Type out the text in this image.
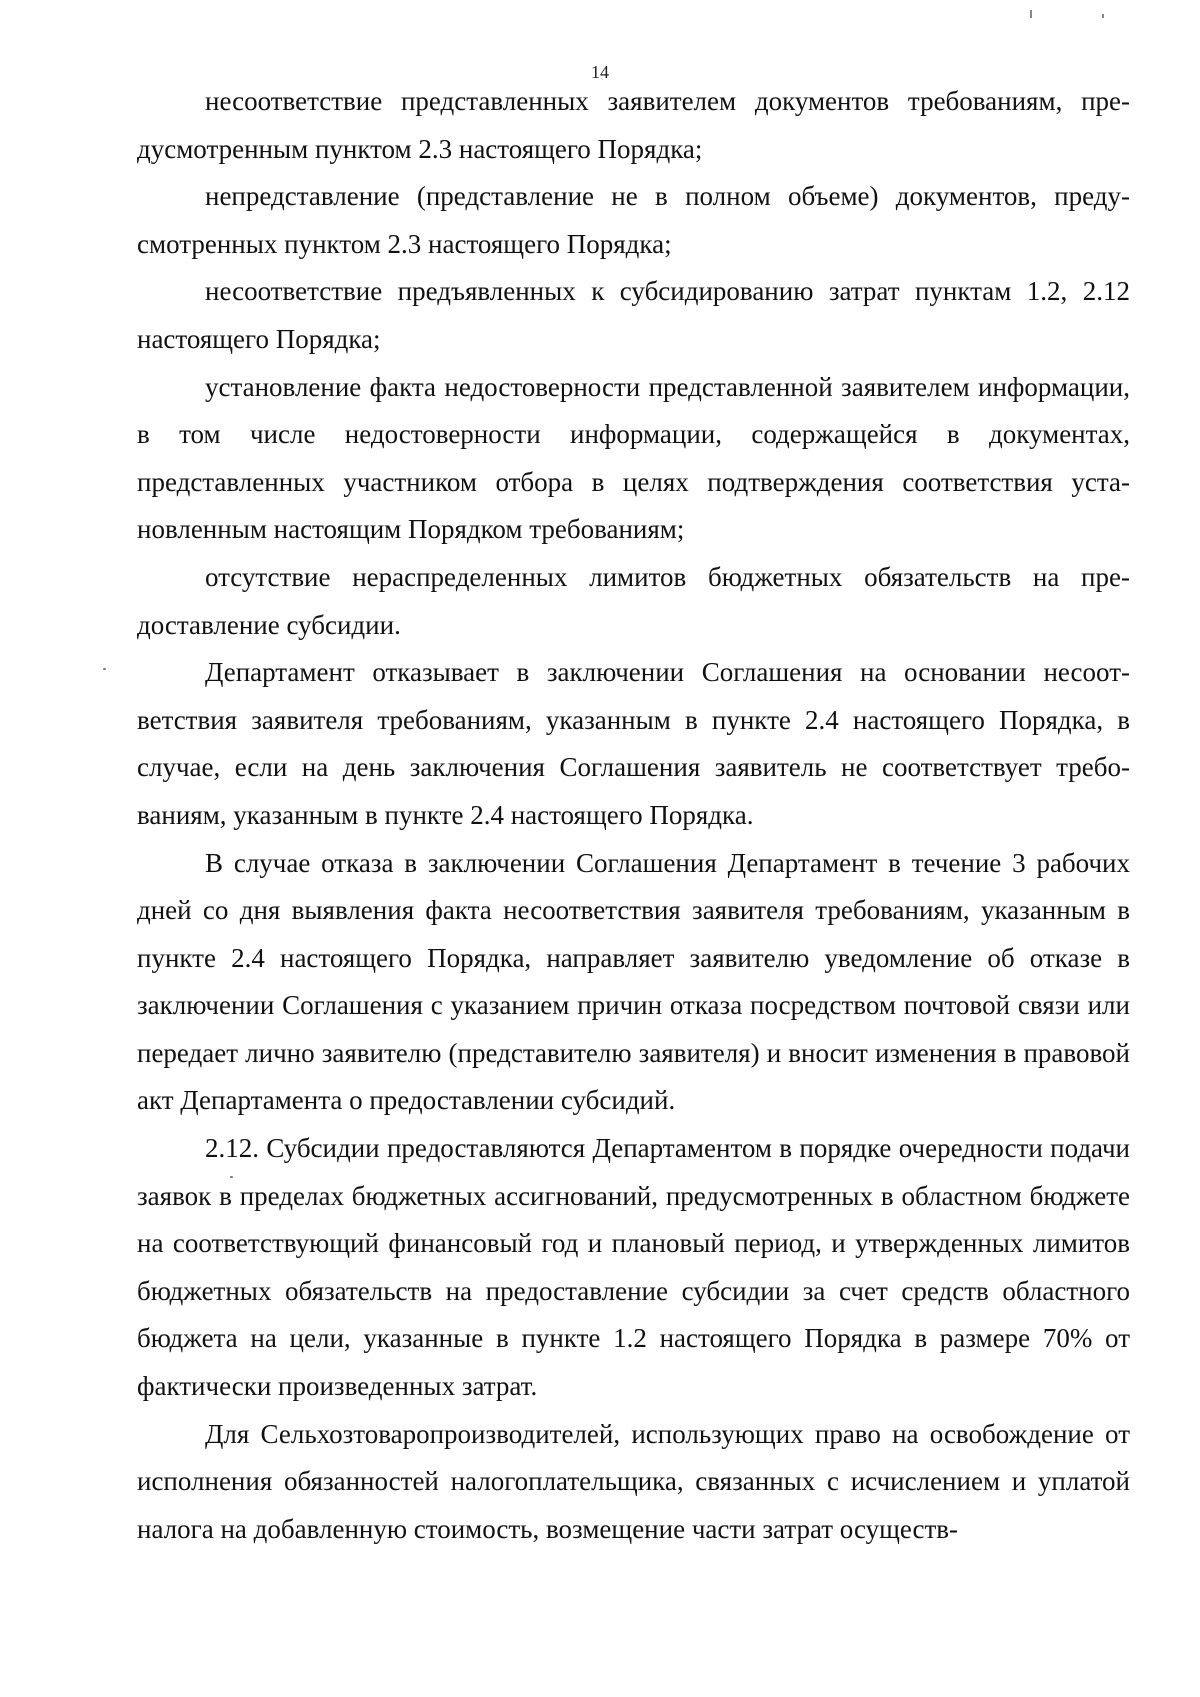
14

несоответствие представленных заявителем документов требованиям, предусмотренным пунктом 2.3 настоящего Порядка;

непредставление (представление не в полном объеме) документов, предусмотренных пунктом 2.3 настоящего Порядка;

несоответствие предъявленных к субсидированию затрат пунктам 1.2, 2.12 настоящего Порядка;

установление факта недостоверности представленной заявителем информации, в том числе недостоверности информации, содержащейся в документах, представленных участником отбора в целях подтверждения соответствия установленным настоящим Порядком требованиям;

отсутствие нераспределенных лимитов бюджетных обязательств на предоставление субсидии.

Департамент отказывает в заключении Соглашения на основании несоответствия заявителя требованиям, указанным в пункте 2.4 настоящего Порядка, в случае, если на день заключения Соглашения заявитель не соответствует требованиям, указанным в пункте 2.4 настоящего Порядка.

В случае отказа в заключении Соглашения Департамент в течение 3 рабочих дней со дня выявления факта несоответствия заявителя требованиям, указанным в пункте 2.4 настоящего Порядка, направляет заявителю уведомление об отказе в заключении Соглашения с указанием причин отказа посредством почтовой связи или передает лично заявителю (представителю заявителя) и вносит изменения в правовой акт Департамента о предоставлении субсидий.

2.12. Субсидии предоставляются Департаментом в порядке очередности подачи заявок в пределах бюджетных ассигнований, предусмотренных в областном бюджете на соответствующий финансовый год и плановый период, и утвержденных лимитов бюджетных обязательств на предоставление субсидии за счет средств областного бюджета на цели, указанные в пункте 1.2 настоящего Порядка в размере 70% от фактически произведенных затрат.

Для Сельхозтоваропроизводителей, использующих право на освобождение от исполнения обязанностей налогоплательщика, связанных с исчислением и уплатой налога на добавленную стоимость, возмещение части затрат осуществ-
